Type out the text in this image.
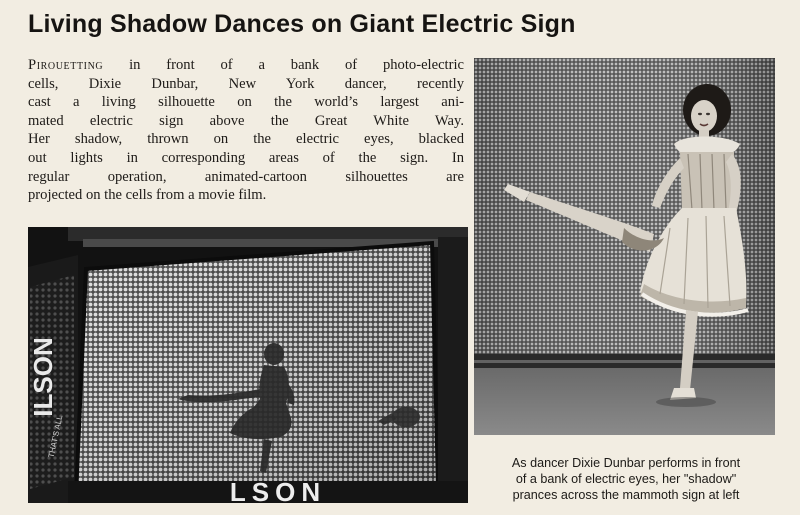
Living Shadow Dances on Giant Electric Sign
Pirouetting in front of a bank of photo-electric
cells, Dixie Dunbar, New York dancer, recently
cast a living silhouette on the world’s largest ani-
mated electric sign above the Great White Way.
Her shadow, thrown on the electric eyes, blacked
out lights in corresponding areas of the sign. In
regular operation, animated-cartoon silhouettes are
projected on the cells from a movie film.
ILSON
THAT'S ALL
LSON
As dancer Dixie Dunbar performs in front
of a bank of electric eyes, her "shadow"
prances across the mammoth sign at left
